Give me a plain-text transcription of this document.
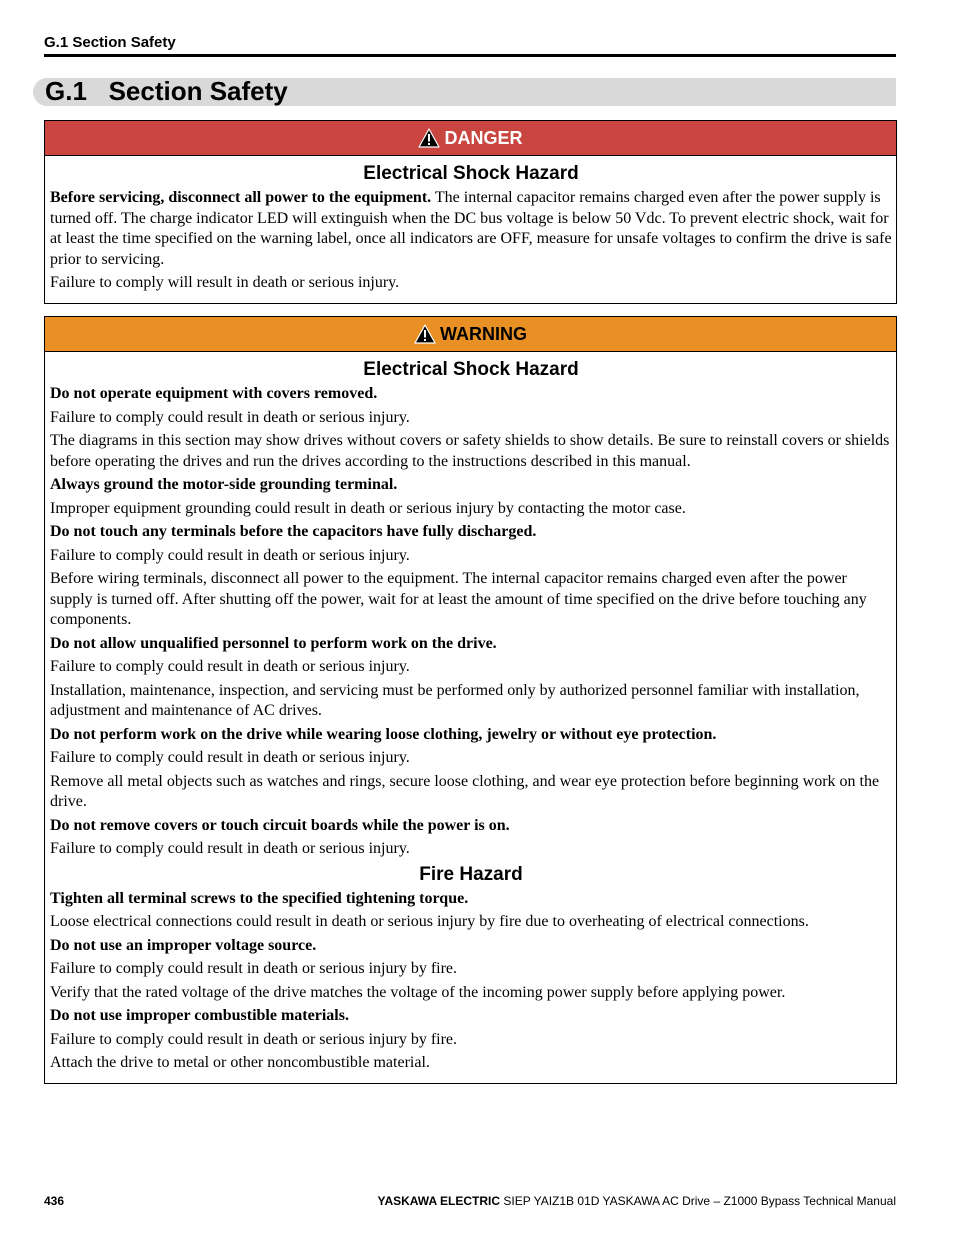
G.1 Section Safety
G.1   Section Safety
DANGER
Electrical Shock Hazard

Before servicing, disconnect all power to the equipment. The internal capacitor remains charged even after the power supply is turned off. The charge indicator LED will extinguish when the DC bus voltage is below 50 Vdc. To prevent electric shock, wait for at least the time specified on the warning label, once all indicators are OFF, measure for unsafe voltages to confirm the drive is safe prior to servicing.

Failure to comply will result in death or serious injury.

WARNING
Electrical Shock Hazard

Do not operate equipment with covers removed.

Failure to comply could result in death or serious injury.

The diagrams in this section may show drives without covers or safety shields to show details. Be sure to reinstall covers or shields before operating the drives and run the drives according to the instructions described in this manual.

Always ground the motor-side grounding terminal.

Improper equipment grounding could result in death or serious injury by contacting the motor case.

Do not touch any terminals before the capacitors have fully discharged.

Failure to comply could result in death or serious injury.

Before wiring terminals, disconnect all power to the equipment. The internal capacitor remains charged even after the power supply is turned off. After shutting off the power, wait for at least the amount of time specified on the drive before touching any components.

Do not allow unqualified personnel to perform work on the drive.

Failure to comply could result in death or serious injury.

Installation, maintenance, inspection, and servicing must be performed only by authorized personnel familiar with installation, adjustment and maintenance of AC drives.

Do not perform work on the drive while wearing loose clothing, jewelry or without eye protection.

Failure to comply could result in death or serious injury.

Remove all metal objects such as watches and rings, secure loose clothing, and wear eye protection before beginning work on the drive.

Do not remove covers or touch circuit boards while the power is on.

Failure to comply could result in death or serious injury.

Fire Hazard

Tighten all terminal screws to the specified tightening torque.

Loose electrical connections could result in death or serious injury by fire due to overheating of electrical connections.

Do not use an improper voltage source.

Failure to comply could result in death or serious injury by fire.

Verify that the rated voltage of the drive matches the voltage of the incoming power supply before applying power.

Do not use improper combustible materials.

Failure to comply could result in death or serious injury by fire.

Attach the drive to metal or other noncombustible material.

436	YASKAWA ELECTRIC SIEP YAIZ1B 01D YASKAWA AC Drive – Z1000 Bypass Technical Manual
